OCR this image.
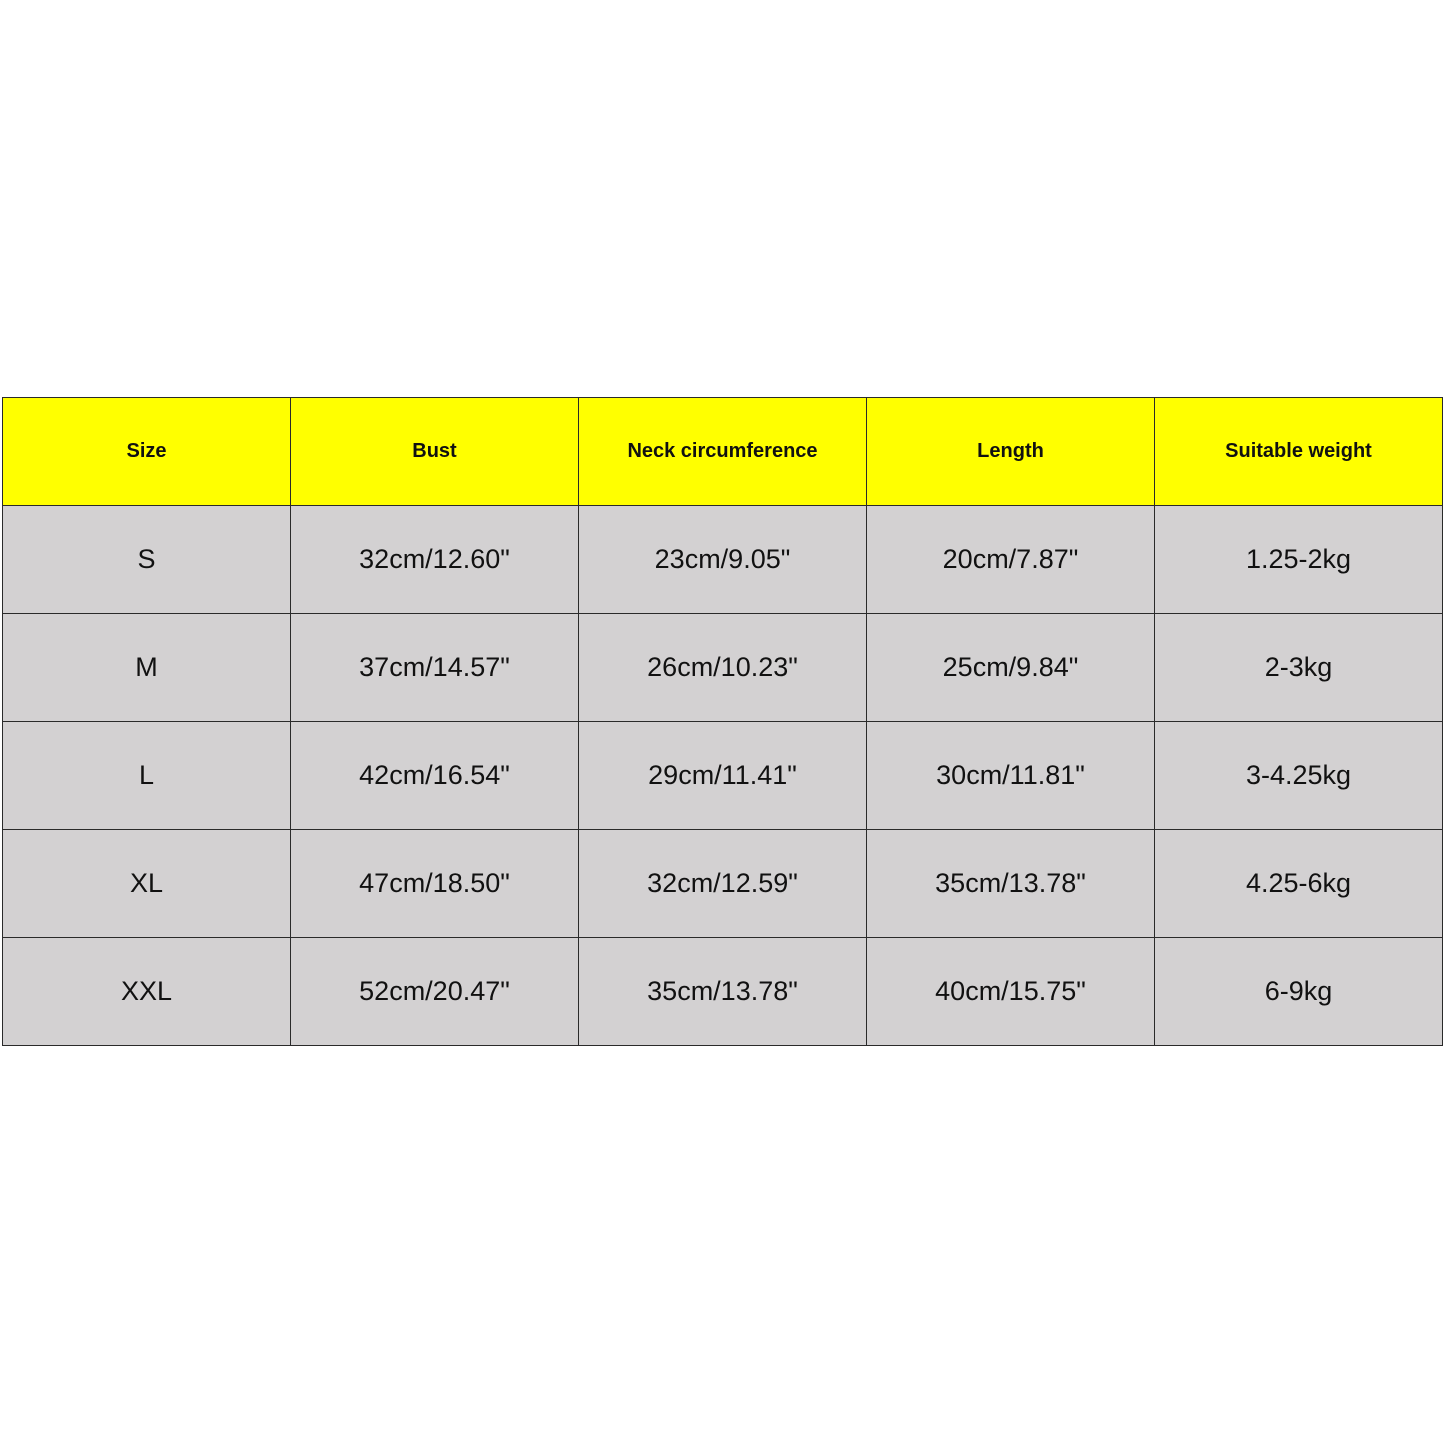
Size	Bust	Neck circumference	Length	Suitable weight
S	32cm/12.60"	23cm/9.05"	20cm/7.87"	1.25-2kg
M	37cm/14.57"	26cm/10.23"	25cm/9.84"	2-3kg
L	42cm/16.54"	29cm/11.41"	30cm/11.81"	3-4.25kg
XL	47cm/18.50"	32cm/12.59"	35cm/13.78"	4.25-6kg
XXL	52cm/20.47"	35cm/13.78"	40cm/15.75"	6-9kg
